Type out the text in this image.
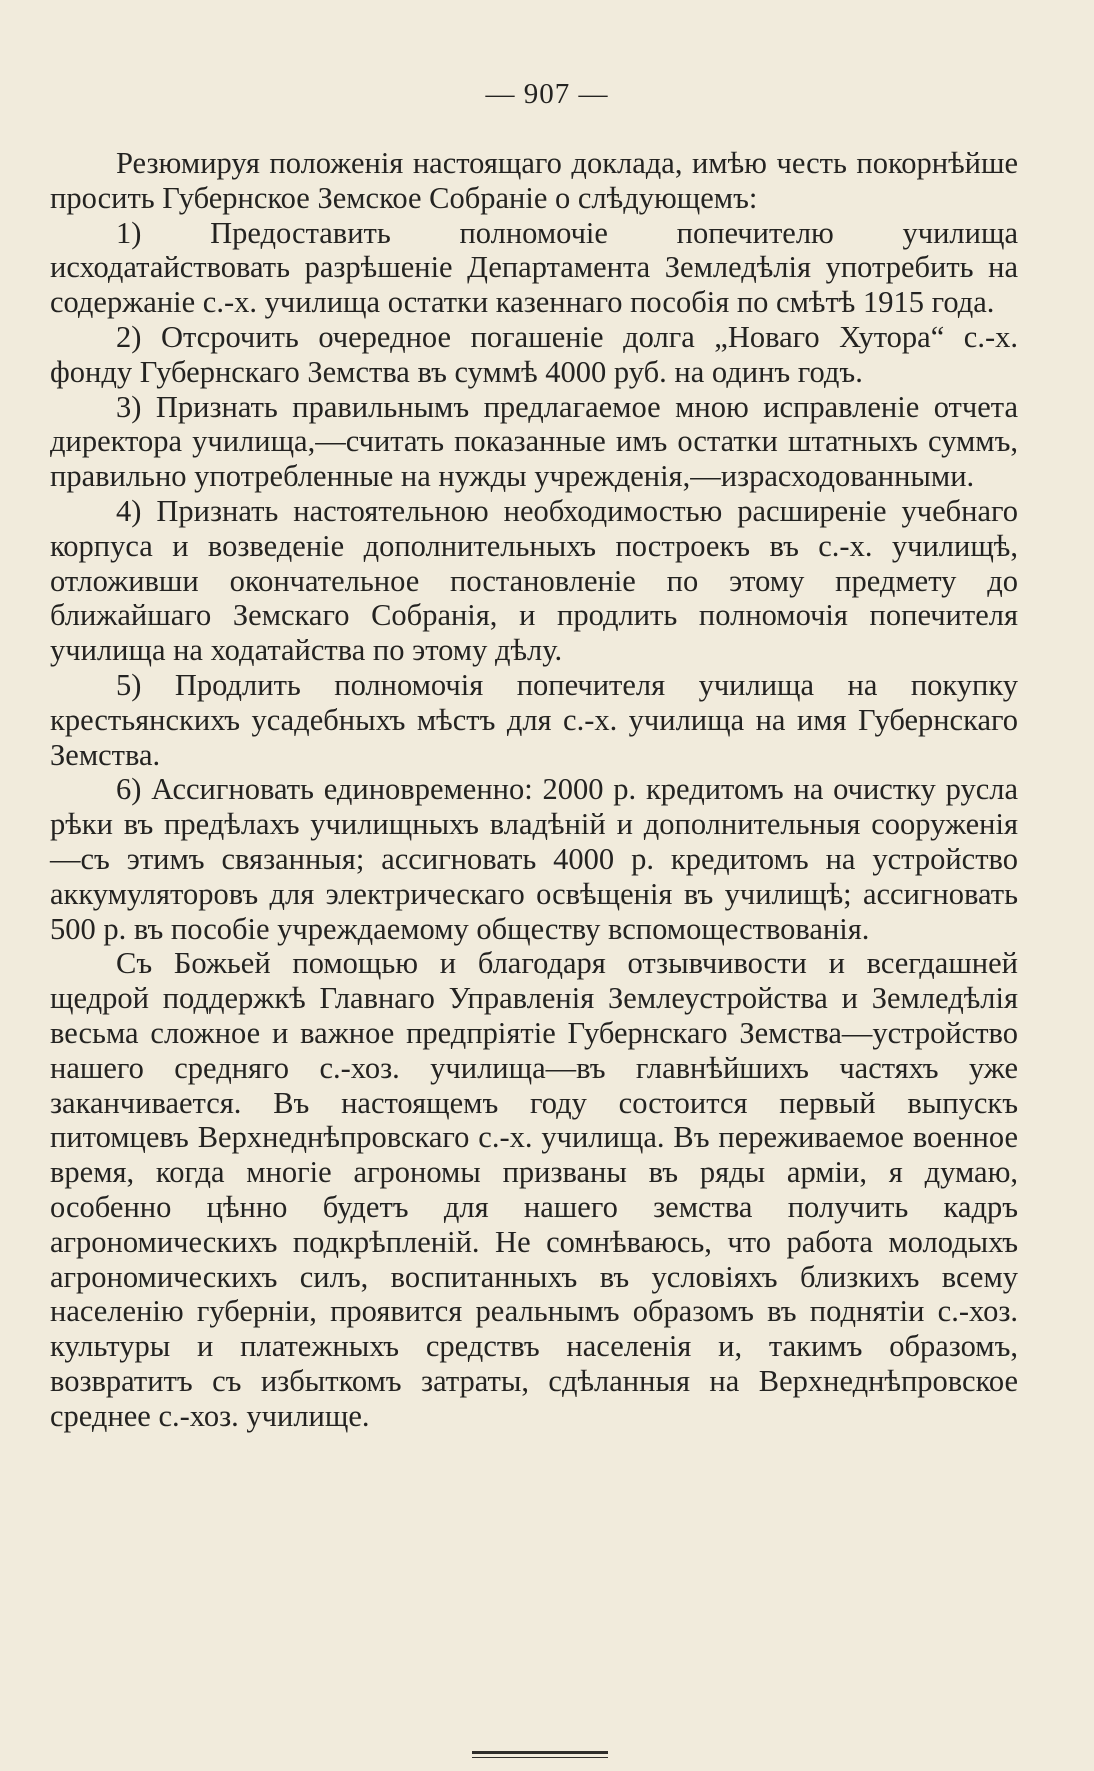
— 907 —

Резюмируя положенія настоящаго доклада, имѣю честь покорнѣйше просить Губернское Земское Собраніе о слѣдующемъ:

1) Предоставить полномочіе попечителю училища исходатайствовать разрѣшеніе Департамента Земледѣлія употребить на содержаніе с.-х. училища остатки казеннаго пособія по смѣтѣ 1915 года.

2) Отсрочить очередное погашеніе долга „Новаго Хутора“ с.-х. фонду Губернскаго Земства въ суммѣ 4000 руб. на одинъ годъ.

3) Признать правильнымъ предлагаемое мною исправленіе отчета директора училища,—считать показанные имъ остатки штатныхъ суммъ, правильно употребленные на нужды учрежденія,—израсходованными.

4) Признать настоятельною необходимостью расширеніе учебнаго корпуса и возведеніе дополнительныхъ построекъ въ с.-х. училищѣ, отложивши окончательное постановленіе по этому предмету до ближайшаго Земскаго Собранія, и продлить полномочія попечителя училища на ходатайства по этому дѣлу.

5) Продлить полномочія попечителя училища на покупку крестьянскихъ усадебныхъ мѣстъ для с.-х. училища на имя Губернскаго Земства.

6) Ассигновать единовременно: 2000 р. кредитомъ на очистку русла рѣки въ предѣлахъ училищныхъ владѣній и дополнительныя сооруженія—съ этимъ связанныя; ассигновать 4000 р. кредитомъ на устройство аккумуляторовъ для электрическаго освѣщенія въ училищѣ; ассигновать 500 р. въ пособіе учреждаемому обществу вспомоществованія.

Съ Божьей помощью и благодаря отзывчивости и всегдашней щедрой поддержкѣ Главнаго Управленія Землеустройства и Земледѣлія весьма сложное и важное предпріятіе Губернскаго Земства—устройство нашего средняго с.-хоз. училища—въ главнѣйшихъ частяхъ уже заканчивается. Въ настоящемъ году состоится первый выпускъ питомцевъ Верхнеднѣпровскаго с.-х. училища. Въ переживаемое военное время, когда многіе агрономы призваны въ ряды арміи, я думаю, особенно цѣнно будетъ для нашего земства получить кадръ агрономическихъ подкрѣпленій. Не сомнѣваюсь, что работа молодыхъ агрономическихъ силъ, воспитанныхъ въ условіяхъ близкихъ всему населенію губерніи, проявится реальнымъ образомъ въ поднятіи с.-хоз. культуры и платежныхъ средствъ населенія и, такимъ образомъ, возвратитъ съ избыткомъ затраты, сдѣланныя на Верхнеднѣпровское среднее с.-хоз. училище.
